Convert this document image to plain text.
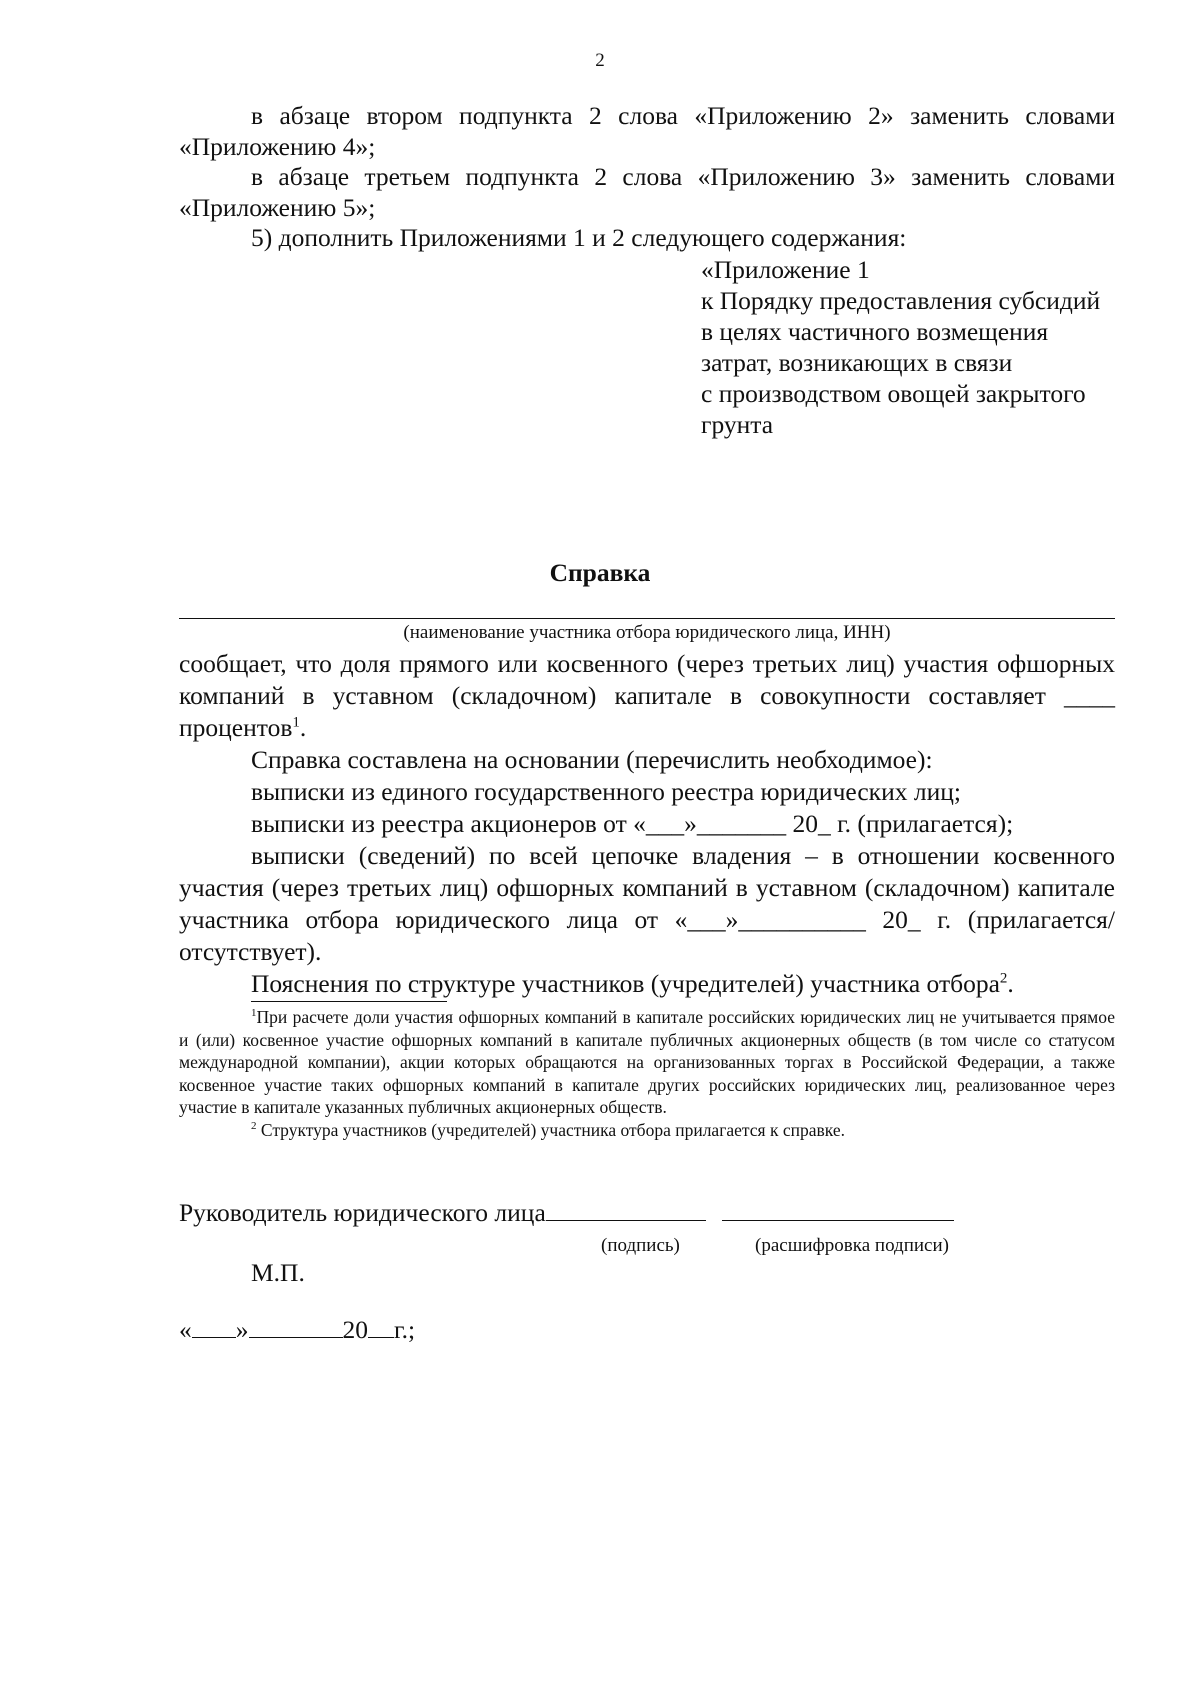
2

в абзаце втором подпункта 2 слова «Приложению 2» заменить словами «Приложению 4»;

в абзаце третьем подпункта 2 слова «Приложению 3» заменить словами «Приложению 5»;

5) дополнить Приложениями 1 и 2 следующего содержания:

«Приложение 1
к Порядку предоставления субсидий
в целях частичного возмещения
затрат, возникающих в связи
с производством овощей закрытого
грунта
Справка
(наименование участника отбора юридического лица, ИНН)

сообщает, что доля прямого или косвенного (через третьих лиц) участия офшорных компаний в уставном (складочном) капитале в совокупности составляет ____ процентов$^1$.

Справка составлена на основании (перечислить необходимое):

выписки из единого государственного реестра юридических лиц;

выписки из реестра акционеров от «___»_______ 20_ г. (прилагается);

выписки (сведений) по всей цепочке владения – в отношении косвенного участия (через третьих лиц) офшорных компаний в уставном (складочном) капитале участника отбора юридического лица от «___»__________ 20_ г. (прилагается/отсутствует).

Пояснения по структуре участников (учредителей) участника отбора$^2$.

$^1$При расчете доли участия офшорных компаний в капитале российских юридических лиц не учитывается прямое и (или) косвенное участие офшорных компаний в капитале публичных акционерных обществ (в том числе со статусом международной компании), акции которых обращаются на организованных торгах в Российской Федерации, а также косвенное участие таких офшорных компаний в капитале других российских юридических лиц, реализованное через участие в капитале указанных публичных акционерных обществ.

$^2$ Структура участников (учредителей) участника отбора прилагается к справке.

Руководитель юридического лица
(подпись)	(расшифровка подписи)
М.П.
« »	20 г.;
